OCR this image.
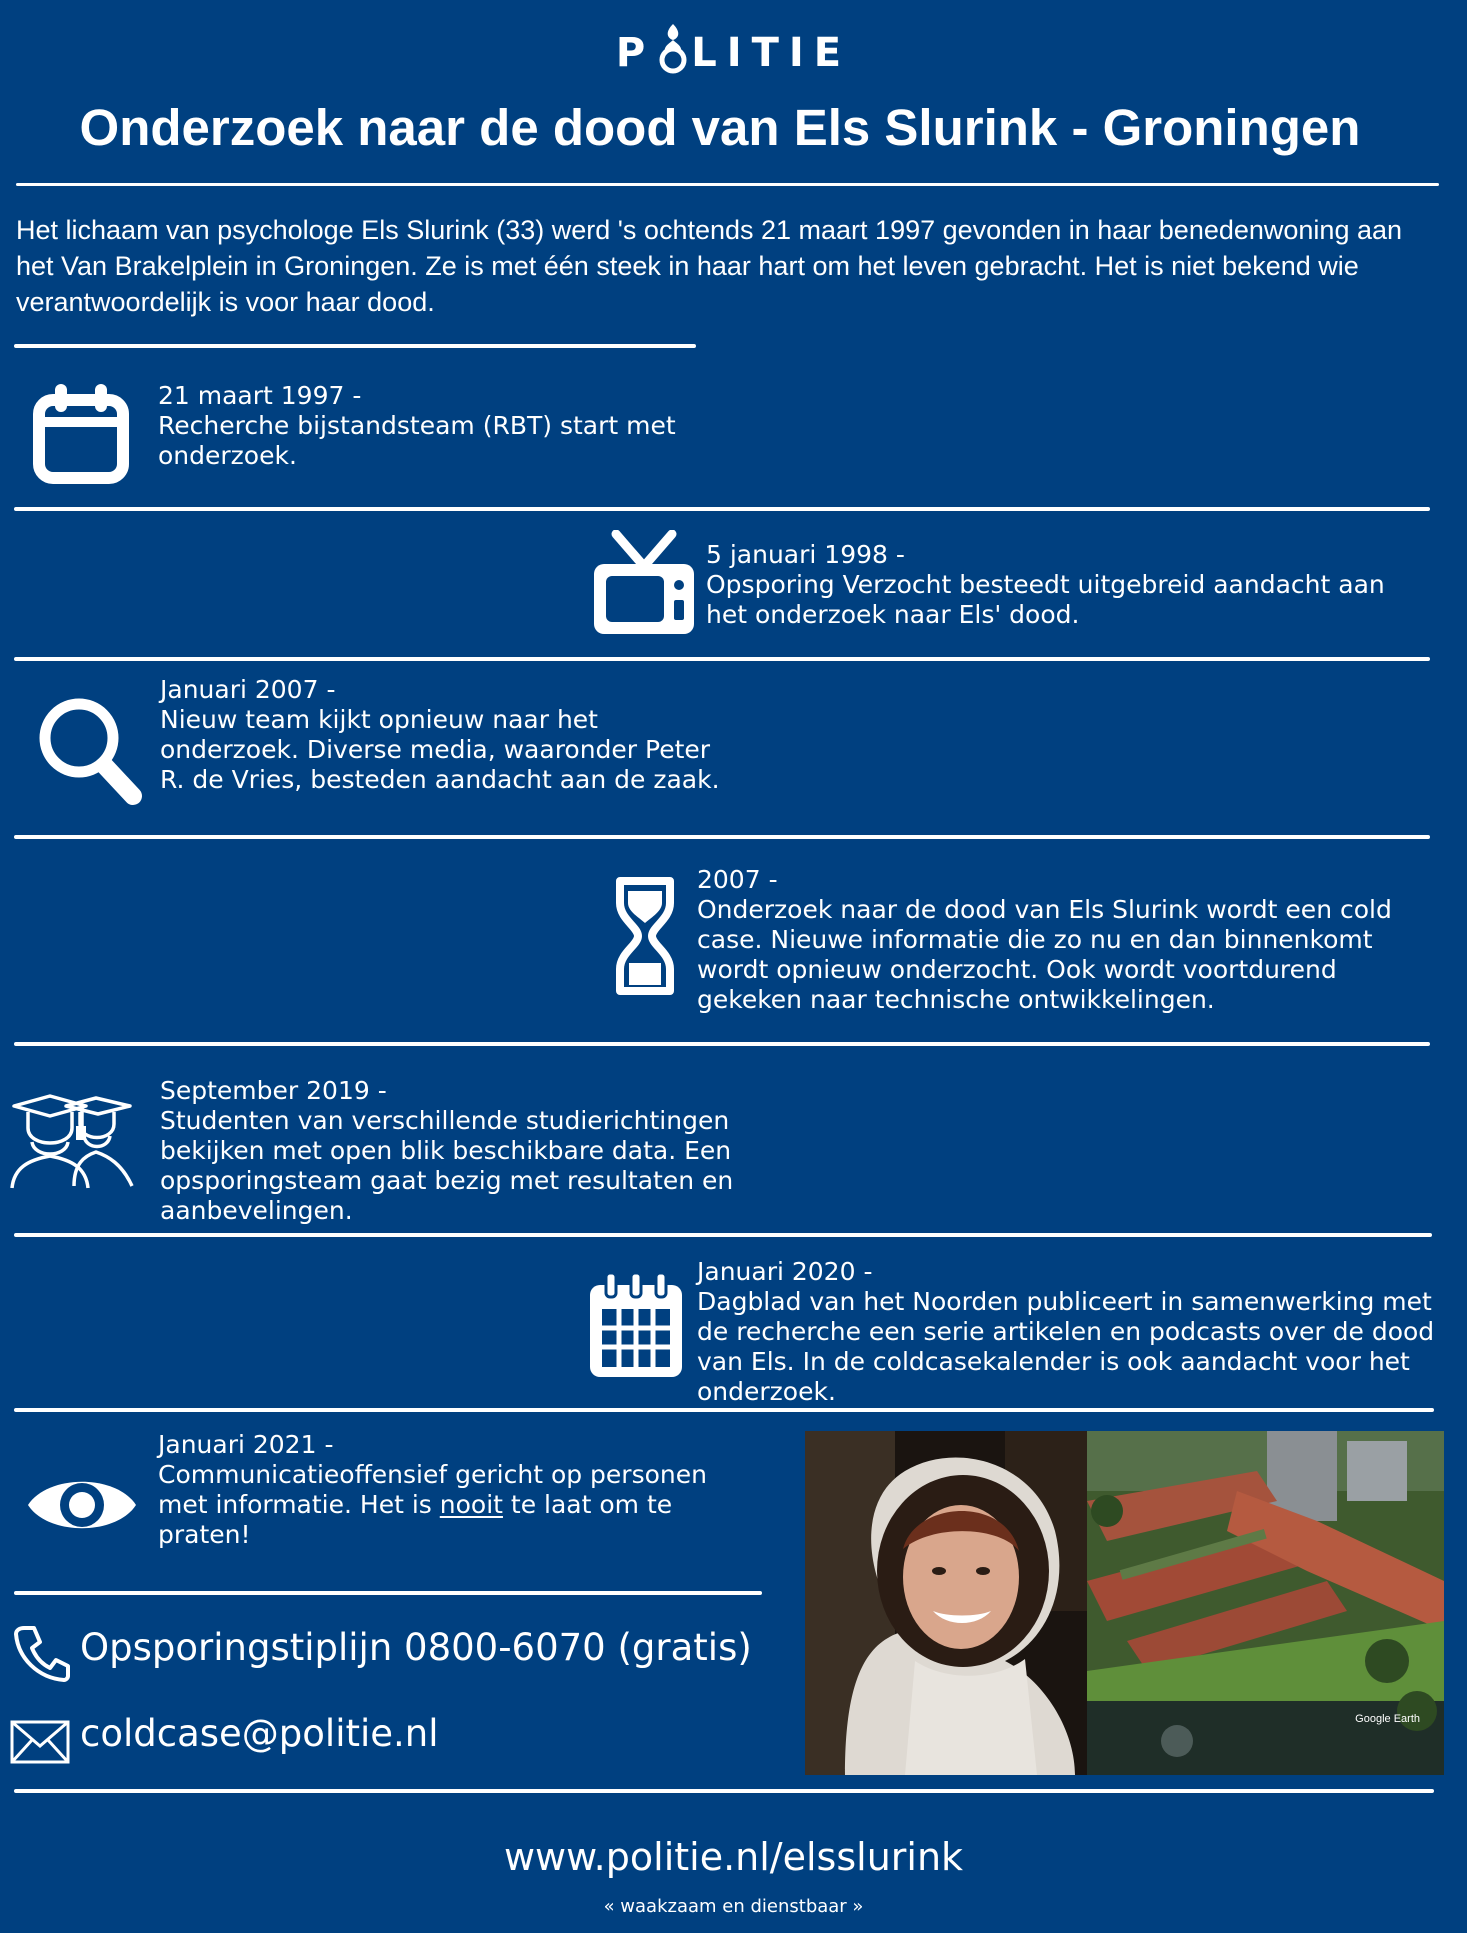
P LITIE
Onderzoek naar de dood van Els Slurink - Groningen
Het lichaam van psychologe Els Slurink (33) werd 's ochtends 21 maart 1997 gevonden in haar benedenwoning aan het Van Brakelplein in Groningen. Ze is met één steek in haar hart om het leven gebracht. Het is niet bekend wie verantwoordelijk is voor haar dood.
21 maart 1997 -
Recherche bijstandsteam (RBT) start met onderzoek.
5 januari 1998 -
Opsporing Verzocht besteedt uitgebreid aandacht aan het onderzoek naar Els' dood.
Januari 2007 -
Nieuw team kijkt opnieuw naar het onderzoek. Diverse media, waaronder Peter R. de Vries, besteden aandacht aan de zaak.
2007 -
Onderzoek naar de dood van Els Slurink wordt een cold case. Nieuwe informatie die zo nu en dan binnenkomt wordt opnieuw onderzocht. Ook wordt voortdurend gekeken naar technische ontwikkelingen.
September 2019 -
Studenten van verschillende studierichtingen bekijken met open blik beschikbare data. Een opsporingsteam gaat bezig met resultaten en aanbevelingen.
Januari 2020 -
Dagblad van het Noorden publiceert in samenwerking met de recherche een serie artikelen en podcasts over de dood van Els. In de coldcasekalender is ook aandacht voor het onderzoek.
Januari 2021 -
Communicatieoffensief gericht op personen met informatie. Het is nooit te laat om te praten!
Opsporingstiplijn 0800-6070 (gratis)
coldcase@politie.nl	Google Earth
www.politie.nl/elsslurink
« waakzaam en dienstbaar »
